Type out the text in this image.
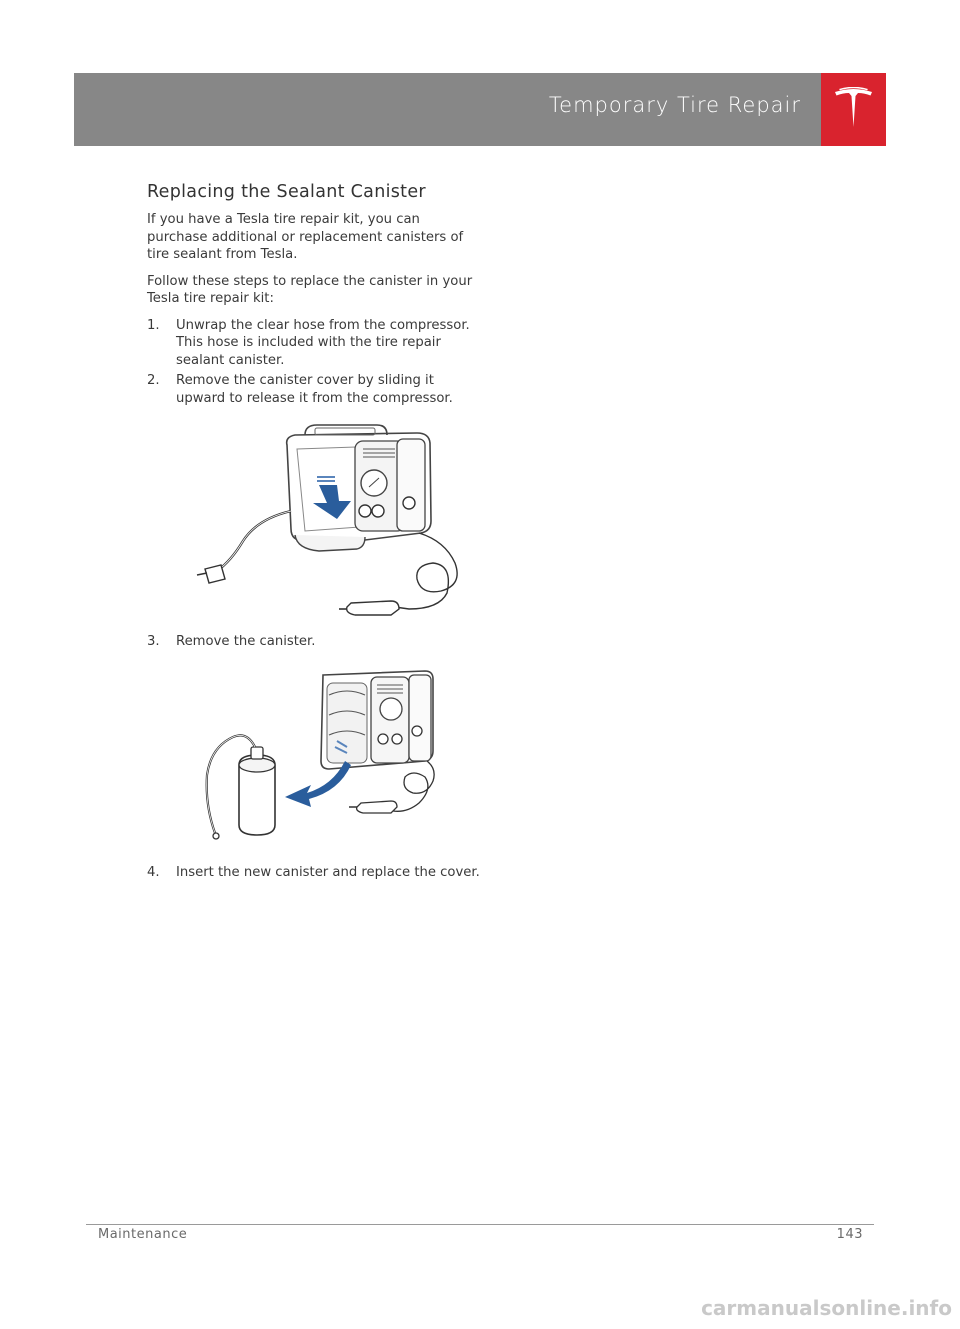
Temporary Tire Repair
Replacing the Sealant Canister

If you have a Tesla tire repair kit, you can purchase additional or replacement canisters of tire sealant from Tesla.

Follow these steps to replace the canister in your Tesla tire repair kit:

1. Unwrap the clear hose from the compressor. This hose is included with the tire repair sealant canister.
2. Remove the canister cover by sliding it upward to release it from the compressor.
3. Remove the canister.
4. Insert the new canister and replace the cover.
Maintenance	143
carmanualsonline.info
